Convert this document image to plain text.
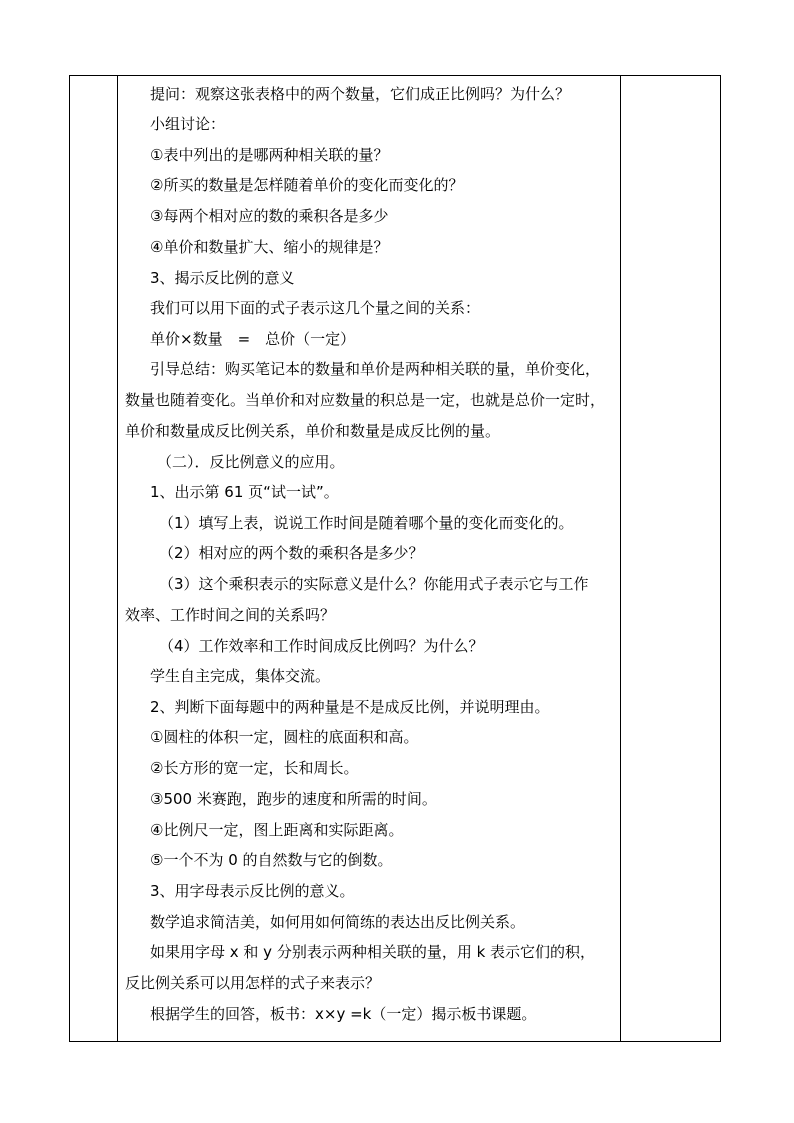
提问：观察这张表格中的两个数量，它们成正比例吗？为什么？
小组讨论：
①表中列出的是哪两种相关联的量？
②所买的数量是怎样随着单价的变化而变化的？
③每两个相对应的数的乘积各是多少
④单价和数量扩大、缩小的规律是？
3、揭示反比例的意义
我们可以用下面的式子表示这几个量之间的关系：
单价×数量　=　总价（一定）
引导总结：购买笔记本的数量和单价是两种相关联的量，单价变化，
数量也随着变化。当单价和对应数量的积总是一定，也就是总价一定时，
单价和数量成反比例关系，单价和数量是成反比例的量。
（二）．反比例意义的应用。
1、出示第 61 页“试一试”。
（1）填写上表，说说工作时间是随着哪个量的变化而变化的。
（2）相对应的两个数的乘积各是多少？
（3）这个乘积表示的实际意义是什么？你能用式子表示它与工作
效率、工作时间之间的关系吗？
（4）工作效率和工作时间成反比例吗？为什么？
学生自主完成，集体交流。
2、判断下面每题中的两种量是不是成反比例，并说明理由。
①圆柱的体积一定，圆柱的底面积和高。
②长方形的宽一定，长和周长。
③500 米赛跑，跑步的速度和所需的时间。
④比例尺一定，图上距离和实际距离。
⑤一个不为 0 的自然数与它的倒数。
3、用字母表示反比例的意义。
数学追求简洁美，如何用如何简练的表达出反比例关系。
如果用字母 x 和 y 分别表示两种相关联的量，用 k 表示它们的积，
反比例关系可以用怎样的式子来表示？
根据学生的回答，板书：x×y =k（一定）揭示板书课题。
